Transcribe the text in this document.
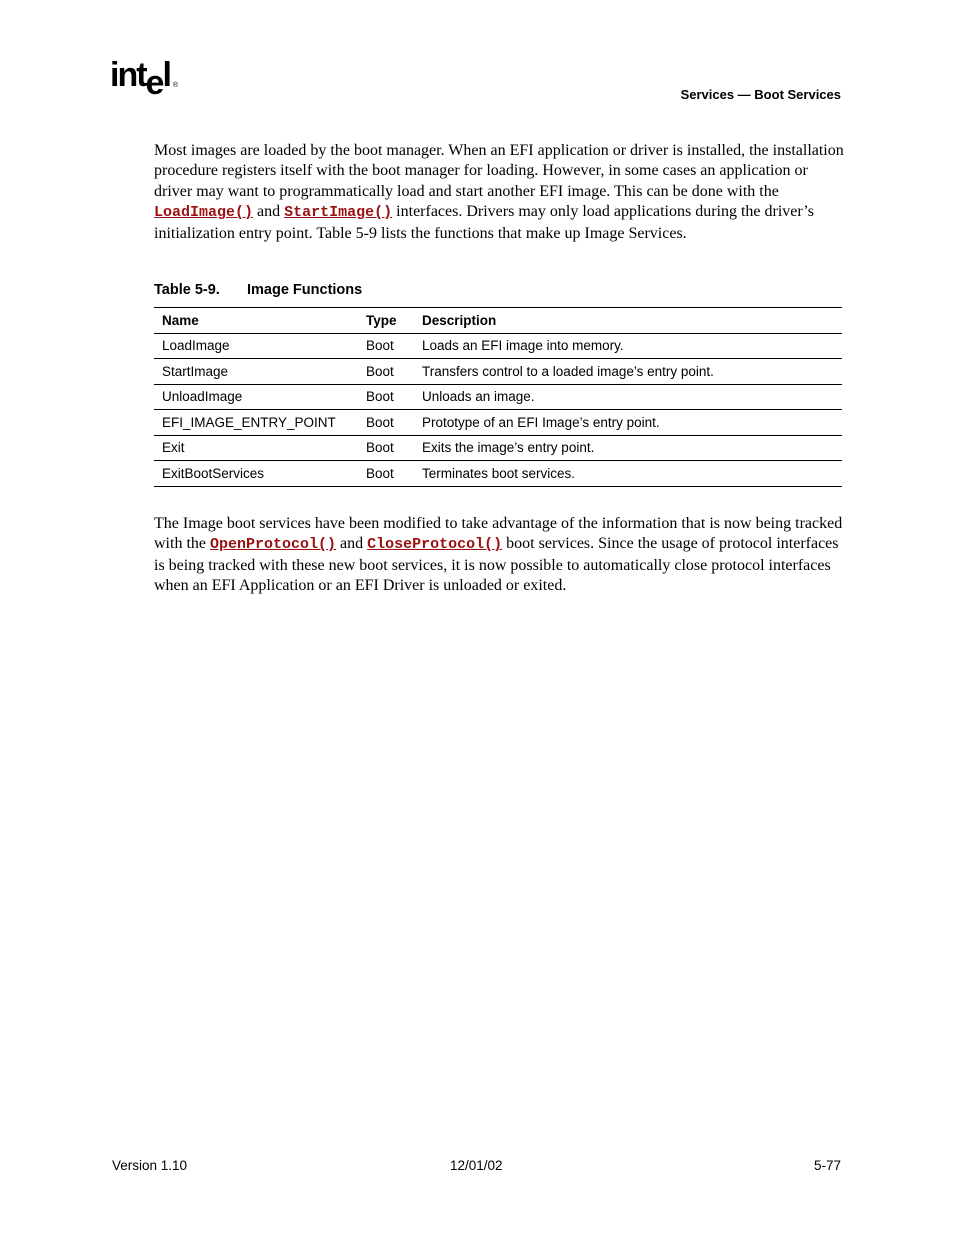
intel ®
Services — Boot Services
Most images are loaded by the boot manager. When an EFI application or driver is installed, the installation procedure registers itself with the boot manager for loading. However, in some cases an application or driver may want to programmatically load and start another EFI image. This can be done with the LoadImage() and StartImage() interfaces. Drivers may only load applications during the driver’s initialization entry point. Table 5-9 lists the functions that make up Image Services.
Table 5-9. Image Functions
Name	Type	Description
LoadImage	Boot	Loads an EFI image into memory.
StartImage	Boot	Transfers control to a loaded image’s entry point.
UnloadImage	Boot	Unloads an image.
EFI_IMAGE_ENTRY_POINT	Boot	Prototype of an EFI Image’s entry point.
Exit	Boot	Exits the image’s entry point.
ExitBootServices	Boot	Terminates boot services.
The Image boot services have been modified to take advantage of the information that is now being tracked with the OpenProtocol() and CloseProtocol() boot services. Since the usage of protocol interfaces is being tracked with these new boot services, it is now possible to automatically close protocol interfaces when an EFI Application or an EFI Driver is unloaded or exited.
Version 1.10	12/01/02	5-77
